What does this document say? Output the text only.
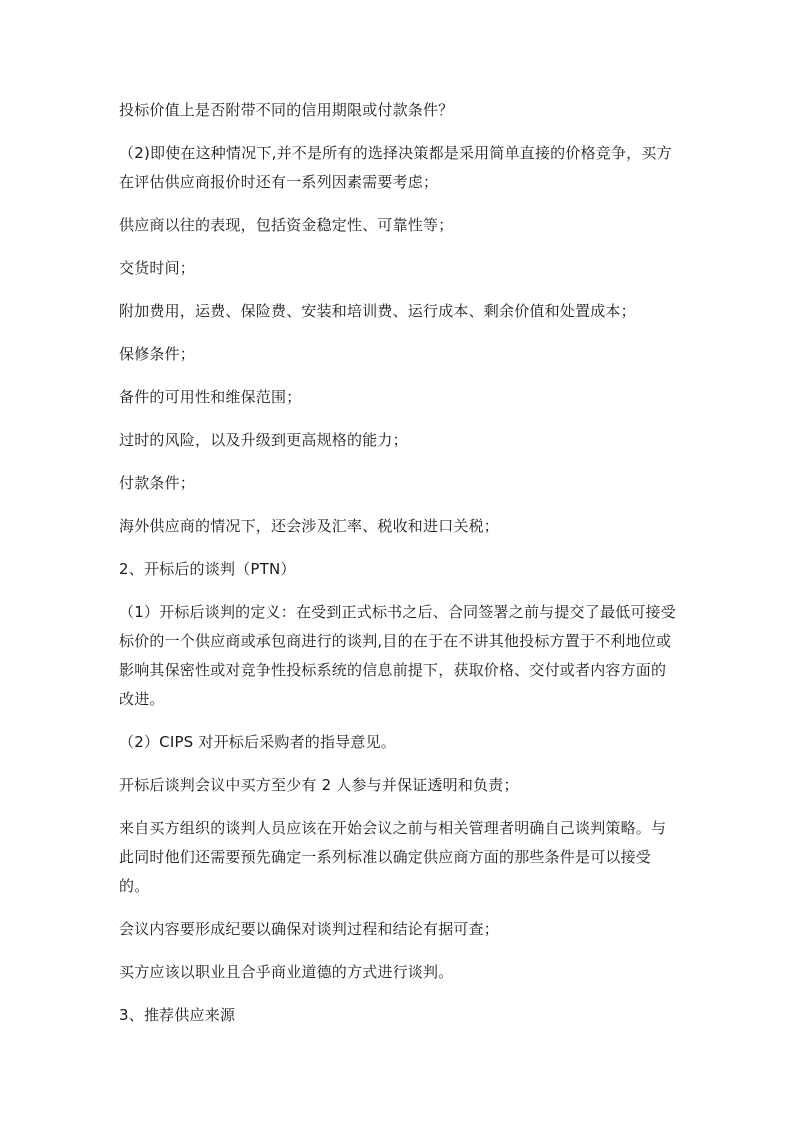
投标价值上是否附带不同的信用期限或付款条件？

（2)即使在这种情况下,并不是所有的选择决策都是采用简单直接的价格竞争，买方在评估供应商报价时还有一系列因素需要考虑；

供应商以往的表现，包括资金稳定性、可靠性等；

交货时间；

附加费用，运费、保险费、安装和培训费、运行成本、剩余价值和处置成本；

保修条件；

备件的可用性和维保范围；

过时的风险，以及升级到更高规格的能力；

付款条件；

海外供应商的情况下，还会涉及汇率、税收和进口关税；

2、开标后的谈判（PTN）

（1）开标后谈判的定义：在受到正式标书之后、合同签署之前与提交了最低可接受标价的一个供应商或承包商进行的谈判,目的在于在不讲其他投标方置于不利地位或影响其保密性或对竞争性投标系统的信息前提下，获取价格、交付或者内容方面的改进。

（2）CIPS 对开标后采购者的指导意见。

开标后谈判会议中买方至少有 2 人参与并保证透明和负责；

来自买方组织的谈判人员应该在开始会议之前与相关管理者明确自己谈判策略。与此同时他们还需要预先确定一系列标准以确定供应商方面的那些条件是可以接受的。

会议内容要形成纪要以确保对谈判过程和结论有据可查；

买方应该以职业且合乎商业道德的方式进行谈判。

3、推荐供应来源
